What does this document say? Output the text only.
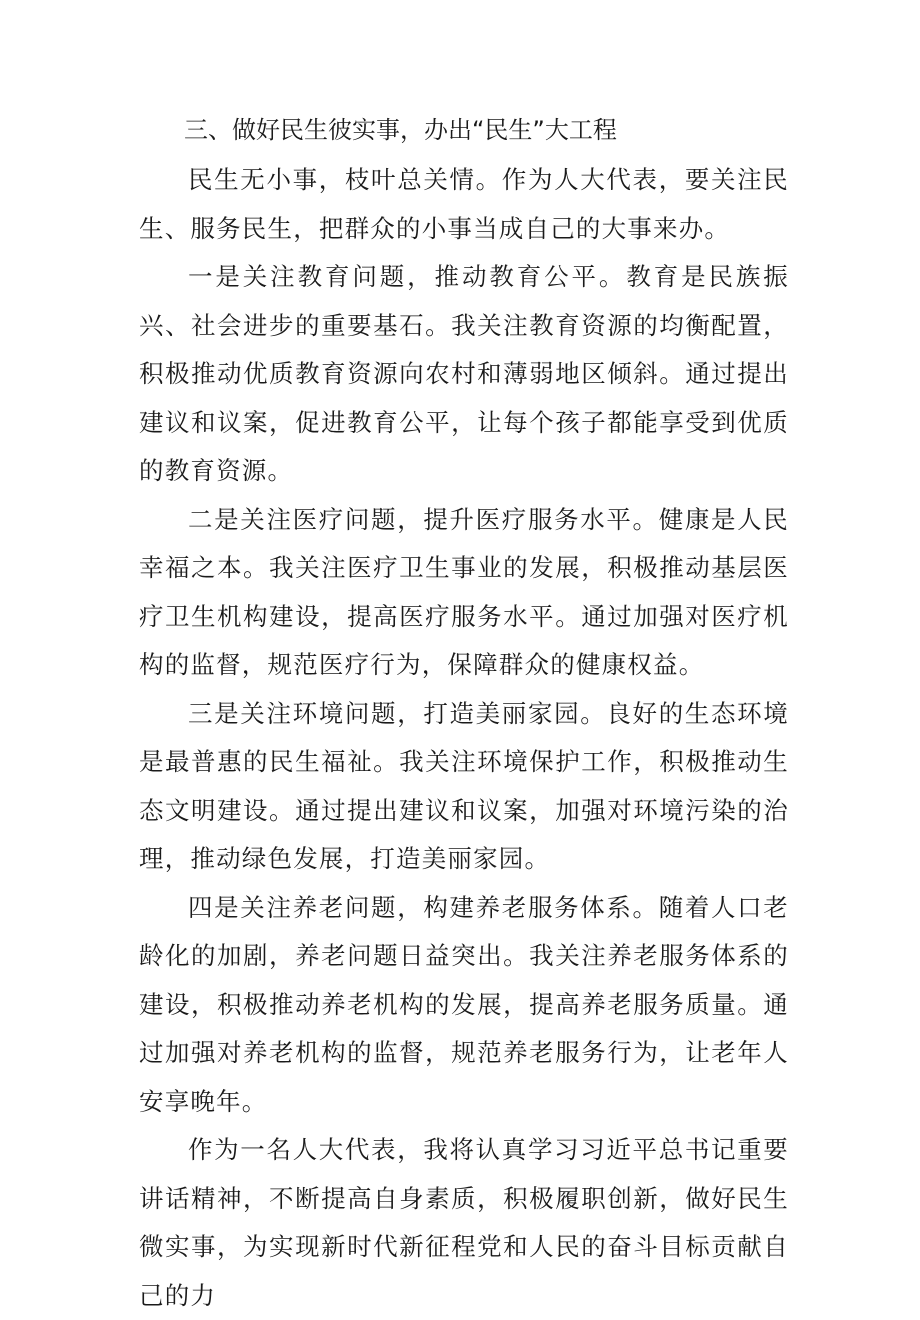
三、做好民生彼实事，办出“民生”大工程

民生无小事，枝叶总关情。作为人大代表，要关注民生、服务民生，把群众的小事当成自己的大事来办。

一是关注教育问题，推动教育公平。教育是民族振兴、社会进步的重要基石。我关注教育资源的均衡配置，积极推动优质教育资源向农村和薄弱地区倾斜。通过提出建议和议案，促进教育公平，让每个孩子都能享受到优质的教育资源。

二是关注医疗问题，提升医疗服务水平。健康是人民幸福之本。我关注医疗卫生事业的发展，积极推动基层医疗卫生机构建设，提高医疗服务水平。通过加强对医疗机构的监督，规范医疗行为，保障群众的健康权益。

三是关注环境问题，打造美丽家园。良好的生态环境是最普惠的民生福祉。我关注环境保护工作，积极推动生态文明建设。通过提出建议和议案，加强对环境污染的治理，推动绿色发展，打造美丽家园。

四是关注养老问题，构建养老服务体系。随着人口老龄化的加剧，养老问题日益突出。我关注养老服务体系的建设，积极推动养老机构的发展，提高养老服务质量。通过加强对养老机构的监督，规范养老服务行为，让老年人安享晚年。

作为一名人大代表，我将认真学习习近平总书记重要讲话精神，不断提高自身素质，积极履职创新，做好民生微实事，为实现新时代新征程党和人民的奋斗目标贡献自己的力
